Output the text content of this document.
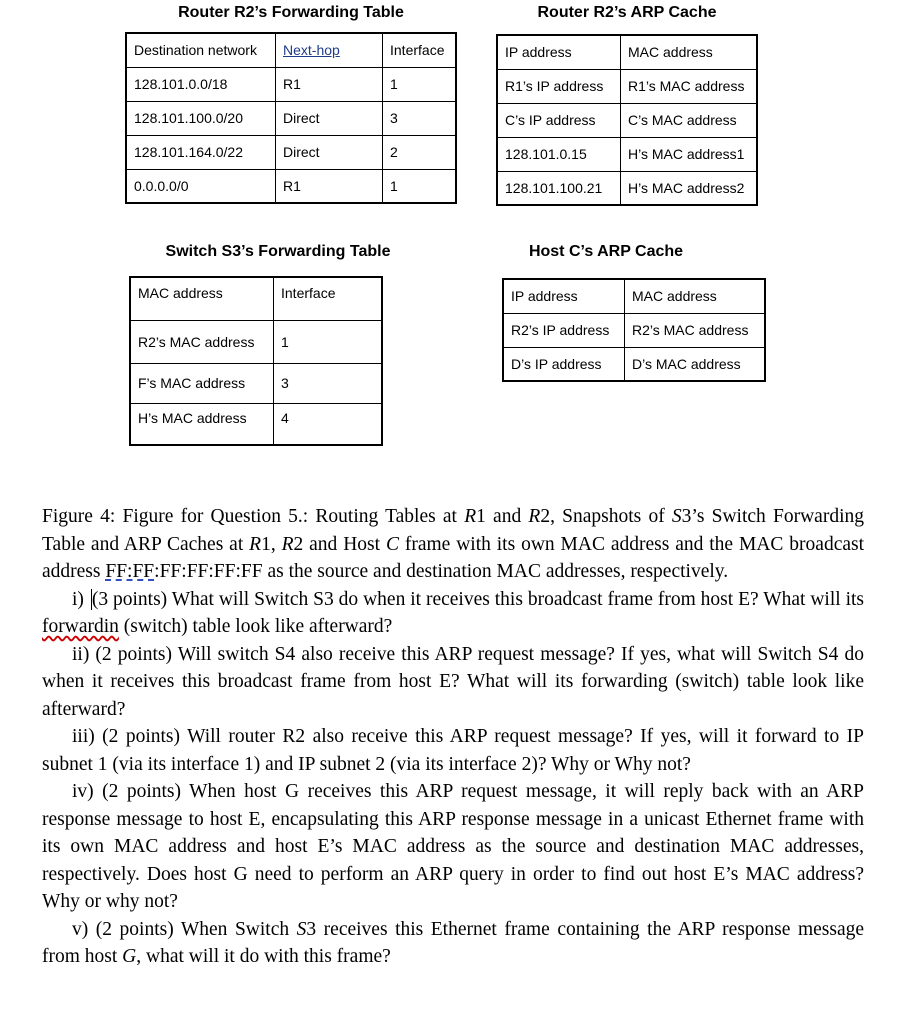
Router R2’s Forwarding Table
Destination network	Next-hop	Interface
128.101.0.0/18	R1	1
128.101.100.0/20	Direct	3
128.101.164.0/22	Direct	2
0.0.0.0/0	R1	1
Router R2’s ARP Cache
IP address	MAC address
R1’s IP address	R1’s MAC address
C’s IP address	C’s MAC address
128.101.0.15	H’s MAC address1
128.101.100.21	H’s MAC address2
Switch S3’s Forwarding Table
MAC address	Interface
R2’s MAC address	1
F’s MAC address	3
H’s MAC address	4
Host C’s ARP Cache
IP address	MAC address
R2’s IP address	R2’s MAC address
D’s IP address	D’s MAC address

Figure 4: Figure for Question 5.: Routing Tables at R1 and R2, Snapshots of S3’s Switch Forwarding Table and ARP Caches at R1, R2 and Host C frame with its own MAC address and the MAC broadcast address FF:FF:FF:FF:FF:FF as the source and destination MAC addresses, respectively.

i) (3 points) What will Switch S3 do when it receives this broadcast frame from host E? What will its forwardin (switch) table look like afterward?

ii) (2 points) Will switch S4 also receive this ARP request message? If yes, what will Switch S4 do when it receives this broadcast frame from host E? What will its forwarding (switch) table look like afterward?

iii) (2 points) Will router R2 also receive this ARP request message? If yes, will it forward to IP subnet 1 (via its interface 1) and IP subnet 2 (via its interface 2)? Why or Why not?

iv) (2 points) When host G receives this ARP request message, it will reply back with an ARP response message to host E, encapsulating this ARP response message in a unicast Ethernet frame with its own MAC address and host E’s MAC address as the source and destination MAC addresses, respectively. Does host G need to perform an ARP query in order to find out host E’s MAC address? Why or why not?

v) (2 points) When Switch S3 receives this Ethernet frame containing the ARP response message from host G, what will it do with this frame?
